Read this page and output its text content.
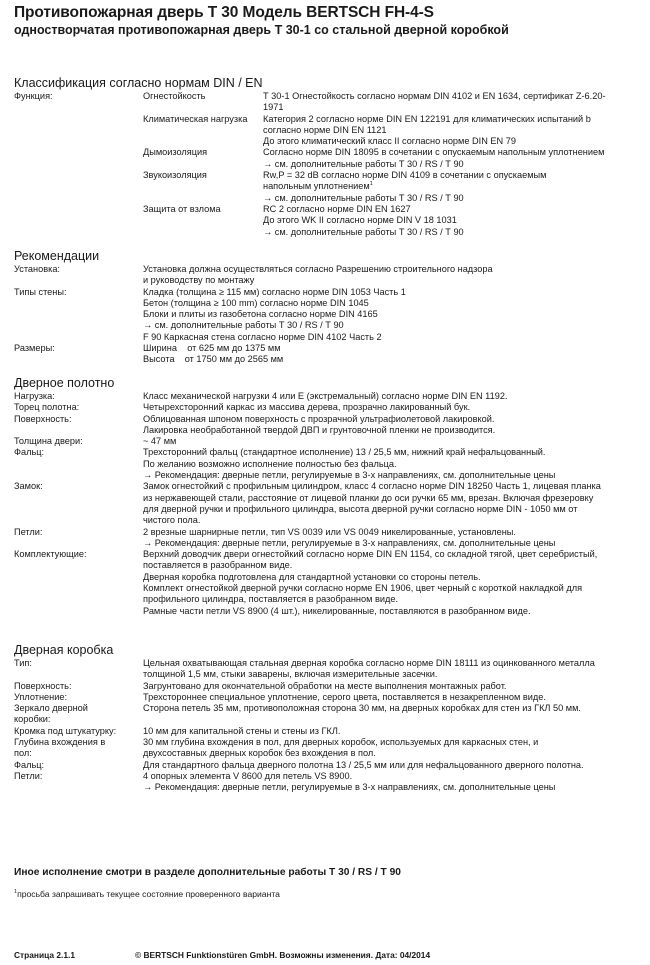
Противопожарная дверь Т 30 Модель BERTSCH FH-4-S
одностворчатая противопожарная дверь Т 30-1 со стальной дверной коробкой
Классификация согласно нормам DIN / EN
Функция:	Огнестойкость	Т 30-1 Огнестойкость согласно нормам DIN 4102 и EN 1634, сертификат Z-6.20-
1971
Климатическая нагрузка	Категория 2 согласно норме DIN EN 122191 для климатических испытаний b
согласно норме DIN EN 1121
До этого климатический класс II согласно норме DIN EN 79
Дымоизоляция	Согласно норме DIN 18095 в сочетании с опускаемым напольным уплотнением
→ см. дополнительные работы Т 30 / RS / Т 90
Звукоизоляция	Rw,P = 32 dB согласно норме DIN 4109 в сочетании с опускаемым
напольным уплотнением$^1$
→ см. дополнительные работы Т 30 / RS / Т 90
Защита от взлома	RC 2 согласно норме DIN EN 1627
До этого WK II согласно норме DIN V 18 1031
→ см. дополнительные работы Т 30 / RS / Т 90
Рекомендации
Установка:	Установка должна осуществляться согласно Разрешению строительного надзора
и руководству по монтажу
Типы стены:	Кладка (толщина ≥ 115 мм) согласно норме DIN 1053 Часть 1
Бетон (толщина ≥ 100 mm) согласно норме DIN 1045
Блоки и плиты из газобетона согласно норме DIN 4165
→ см. дополнительные работы Т 30 / RS / Т 90
F 90 Каркасная стена согласно норме DIN 4102 Часть 2
Размеры:	Ширина    от 625 мм до 1375 мм
Высота    от 1750 мм до 2565 мм
Дверное полотно
Нагрузка:	Класс механической нагрузки 4 или Е (экстремальный) согласно норме DIN EN 1192.
Торец полотна:	Четырехсторонний каркас из массива дерева, прозрачно лакированный бук.
Поверхность:	Облицованная шпоном поверхность с прозрачной ультрафиолетовой лакировкой.
Лакировка необработанной твердой ДВП и грунтовочной пленки не производится.
Толщина двери:	~ 47 мм
Фальц:	Трехсторонний фальц (стандартное исполнение) 13 / 25,5 мм, нижний край нефальцованный.
По желанию возможно исполнение полностью без фальца.
→ Рекомендация: дверные петли, регулируемые в 3-х направлениях, см. дополнительные цены
Замок:	Замок огнестойкий с профильным цилиндром, класс 4 согласно норме DIN 18250 Часть 1, лицевая планка
из нержавеющей стали, расстояние от лицевой планки до оси ручки 65 мм, врезан. Включая фрезеровку
для дверной ручки и профильного цилиндра, высота дверной ручки согласно норме DIN - 1050 мм от
чистого пола.
Петли:	2 врезные шарнирные петли, тип VS 0039 или VS 0049 никелированные, установлены.
→ Рекомендация: дверные петли, регулируемые в 3-х направлениях, см. дополнительные цены
Комплектующие:	Верхний доводчик двери огнестойкий согласно норме DIN EN 1154, со складной тягой, цвет серебристый,
поставляется в разобранном виде.
Дверная коробка подготовлена для стандартной установки со стороны петель.
Комплект огнестойкой дверной ручки согласно норме EN 1906, цвет черный с короткой накладкой для
профильного цилиндра, поставляется в разобранном виде.
Рамные части петли VS 8900 (4 шт.), никелированные, поставляются в разобранном виде.
Дверная коробка
Тип:	Цельная охватывающая стальная дверная коробка согласно норме DIN 18111 из оцинкованного металла
толщиной 1,5 мм, стыки заварены, включая измерительные засечки.
Поверхность:	Загрунтовано для окончательной обработки на месте выполнения монтажных работ.
Уплотнение:	Трехстороннее специальное уплотнение, серого цвета, поставляется в незакрепленном виде.
Зеркало дверной коробки:
Сторона петель 35 мм, противоположная сторона 30 мм, на дверных коробках для стен из ГКЛ 50 мм.
Кромка под штукатурку:	10 мм для капитальной стены и стены из ГКЛ.
Глубина вхождения в пол:
30 мм глубина вхождения в пол, для дверных коробок, используемых для каркасных стен, и
двухсоставных дверных коробок без вхождения в пол.
Фальц:	Для стандартного фальца дверного полотна 13 / 25,5 мм или для нефальцованного дверного полотна.
Петли:	4 опорных элемента V 8600 для петель VS 8900.
→ Рекомендация: дверные петли, регулируемые в 3-х направлениях, см. дополнительные цены
Иное исполнение смотри в разделе дополнительные работы Т 30 / RS / Т 90
$^1$просьба запрашивать текущее состояние проверенного варианта
Страница 2.1.1	© BERTSCH Funktionstüren GmbH. Возможны изменения. Дата: 04/2014
